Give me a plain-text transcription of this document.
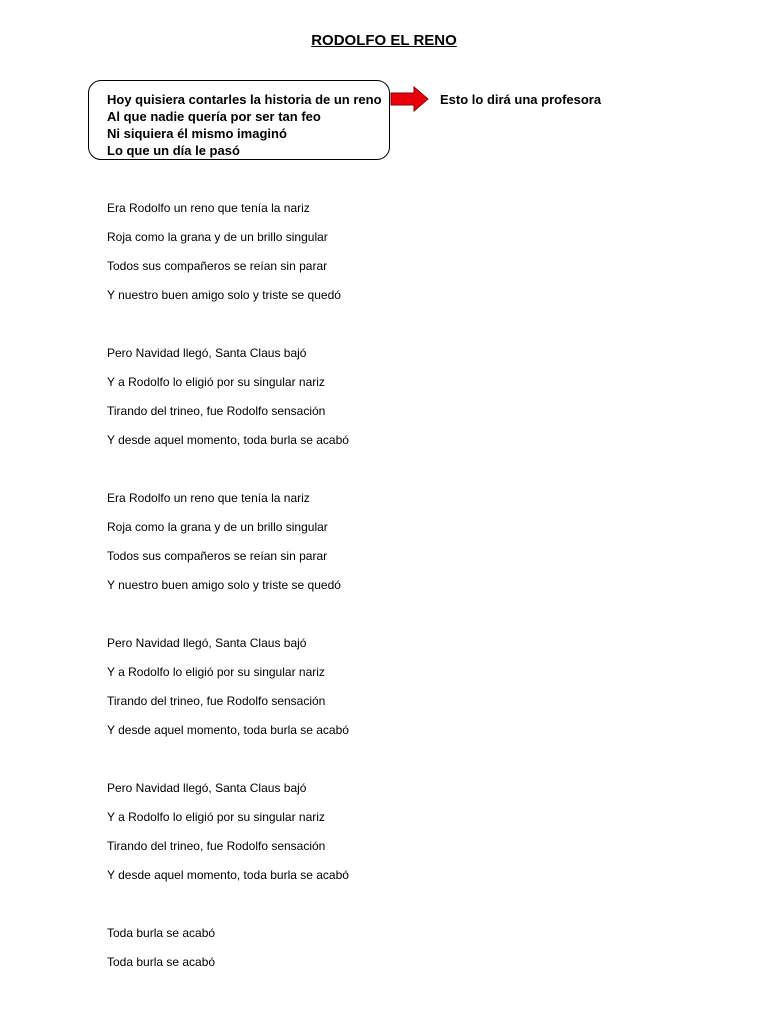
RODOLFO EL RENO
Hoy quisiera contarles la historia de un reno
Al que nadie quería por ser tan feo
Ni siquiera él mismo imaginó
Lo que un día le pasó
Esto lo dirá una profesora
Era Rodolfo un reno que tenía la nariz
Roja como la grana y de un brillo singular
Todos sus compañeros se reían sin parar
Y nuestro buen amigo solo y triste se quedó
Pero Navidad llegó, Santa Claus bajó
Y a Rodolfo lo eligió por su singular nariz
Tirando del trineo, fue Rodolfo sensación
Y desde aquel momento, toda burla se acabó
Era Rodolfo un reno que tenía la nariz
Roja como la grana y de un brillo singular
Todos sus compañeros se reían sin parar
Y nuestro buen amigo solo y triste se quedó
Pero Navidad llegó, Santa Claus bajó
Y a Rodolfo lo eligió por su singular nariz
Tirando del trineo, fue Rodolfo sensación
Y desde aquel momento, toda burla se acabó
Pero Navidad llegó, Santa Claus bajó
Y a Rodolfo lo eligió por su singular nariz
Tirando del trineo, fue Rodolfo sensación
Y desde aquel momento, toda burla se acabó
Toda burla se acabó
Toda burla se acabó
